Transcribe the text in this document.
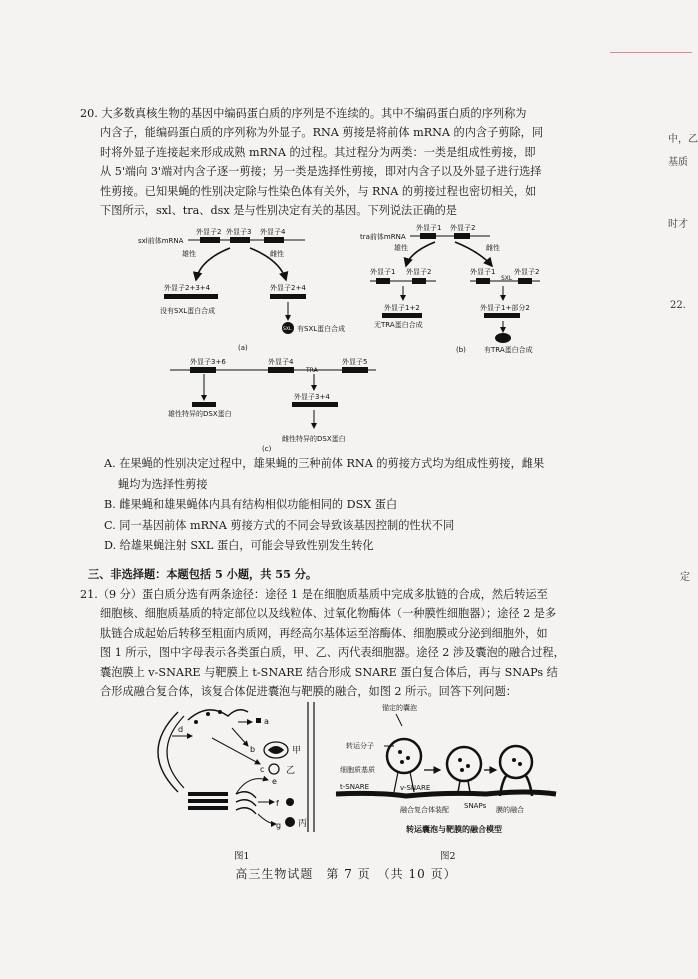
中，乙
基质
时才
22.
定
20. 大多数真核生物的基因中编码蛋白质的序列是不连续的。其中不编码蛋白质的序列称为
内含子，能编码蛋白质的序列称为外显子。RNA 剪接是将前体 mRNA 的内含子剪除，同
时将外显子连接起来形成成熟 mRNA 的过程。其过程分为两类：一类是组成性剪接，即
从 5'端向 3'端对内含子逐一剪接；另一类是选择性剪接，即对内含子以及外显子进行选择
性剪接。已知果蝇的性别决定除与性染色体有关外，与 RNA 的剪接过程也密切相关，如
下图所示，sxl、tra、dsx 是与性别决定有关的基因。下列说法正确的是
sxl前体mRNA
外显子2 外显子3 外显子4
雄性	雌性
外显子2+3+4
没有SXL蛋白合成
外显子2+4
SXL 有SXL蛋白合成
(a)
tra前体mRNA
外显子1 外显子2
雄性	雌性
外显子1 外显子2	外显子1	外显子2
SXL
外显子1+2
无TRA蛋白合成
外显子1+部分2
有TRA蛋白合成
(b)
外显子3+6	外显子4	外显子5
TRA
雄性特异的DSX蛋白
外显子3+4
雌性特异的DSX蛋白
(c)
A. 在果蝇的性别决定过程中，雄果蝇的三种前体 RNA 的剪接方式均为组成性剪接，雌果
蝇均为选择性剪接
B. 雌果蝇和雄果蝇体内具有结构相似功能相同的 DSX 蛋白
C. 同一基因前体 mRNA 剪接方式的不同会导致该基因控制的性状不同
D. 给雄果蝇注射 SXL 蛋白，可能会导致性别发生转化
三、非选择题：本题包括 5 小题，共 55 分。
21.（9 分）蛋白质分选有两条途径：途径 1 是在细胞质基质中完成多肽链的合成，然后转运至
细胞核、细胞质基质的特定部位以及线粒体、过氧化物酶体（一种膜性细胞器）；途径 2 是多
肽链合成起始后转移至粗面内质网，再经高尔基体运至溶酶体、细胞膜或分泌到细胞外，如
图 1 所示，图中字母表示各类蛋白质，甲、乙、丙代表细胞器。途径 2 涉及囊泡的融合过程，
囊泡膜上 v-SNARE 与靶膜上 t-SNARE 结合形成 SNARE 蛋白复合体后，再与 SNAPs 结
合形成融合复合体，该复合体促进囊泡与靶膜的融合，如图 2 所示。回答下列问题：
a
b	甲
c 乙
d
e
f
g 丙
图1
锚定的囊泡
转运分子
细胞质基质
t-SNARE	v-SNARE
融合复合体装配 SNAPs 膜的融合
转运囊泡与靶膜的融合模型
图2
高三生物试题　第 7 页　（共 10 页）
